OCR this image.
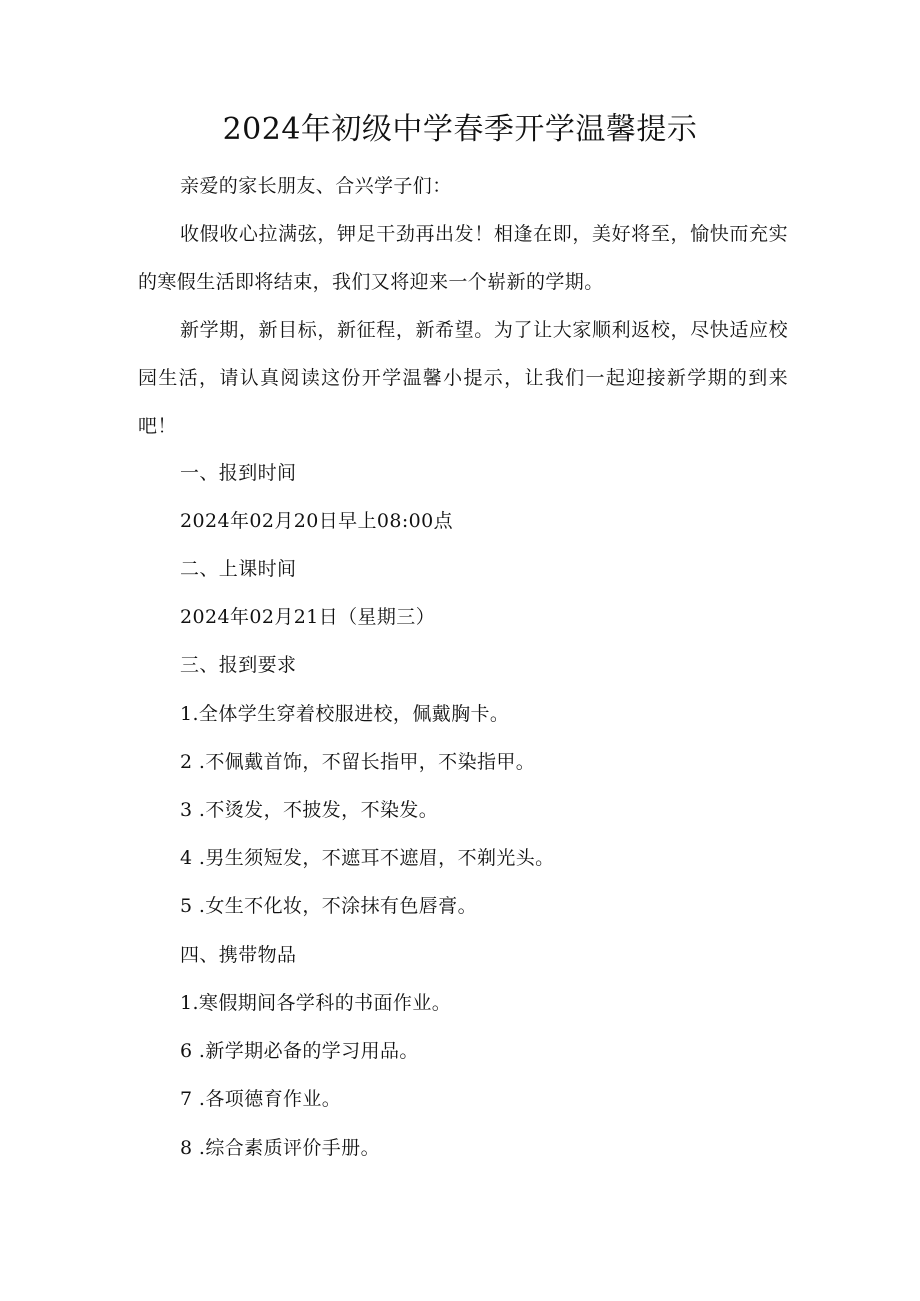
2024年初级中学春季开学温馨提示

亲爱的家长朋友、合兴学子们：

收假收心拉满弦，钾足干劲再出发！相逢在即，美好将至，愉快而充实的寒假生活即将结束，我们又将迎来一个崭新的学期。

新学期，新目标，新征程，新希望。为了让大家顺利返校，尽快适应校园生活，请认真阅读这份开学温馨小提示，让我们一起迎接新学期的到来吧！

一、报到时间

2024年02月20日早上08:00点

二、上课时间

2024年02月21日（星期三）

三、报到要求

1.全体学生穿着校服进校，佩戴胸卡。

2 .不佩戴首饰，不留长指甲，不染指甲。

3 .不烫发，不披发，不染发。

4 .男生须短发，不遮耳不遮眉，不剃光头。

5 .女生不化妆，不涂抹有色唇膏。

四、携带物品

1.寒假期间各学科的书面作业。

6 .新学期必备的学习用品。

7 .各项德育作业。

8 .综合素质评价手册。
